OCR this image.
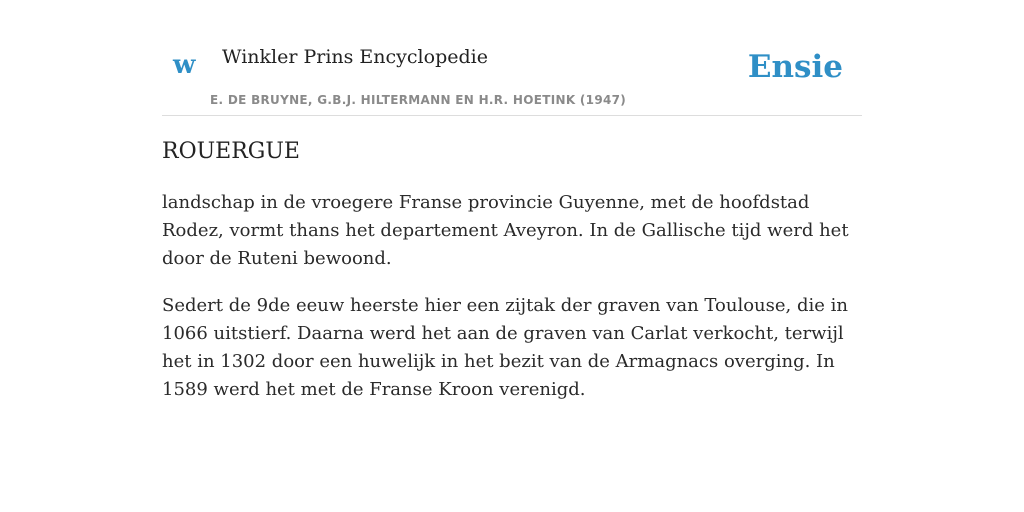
w Winkler Prins Encyclopedie
E. DE BRUYNE, G.B.J. HILTERMANN EN H.R. HOETINK (1947)
Ensie
ROUERGUE

landschap in de vroegere Franse provincie Guyenne, met de hoofdstad Rodez, vormt thans het departement Aveyron. In de Gallische tijd werd het door de Ruteni bewoond.

Sedert de 9de eeuw heerste hier een zijtak der graven van Toulouse, die in 1066 uitstierf. Daarna werd het aan de graven van Carlat verkocht, terwijl het in 1302 door een huwelijk in het bezit van de Armagnacs overging. In 1589 werd het met de Franse Kroon verenigd.
